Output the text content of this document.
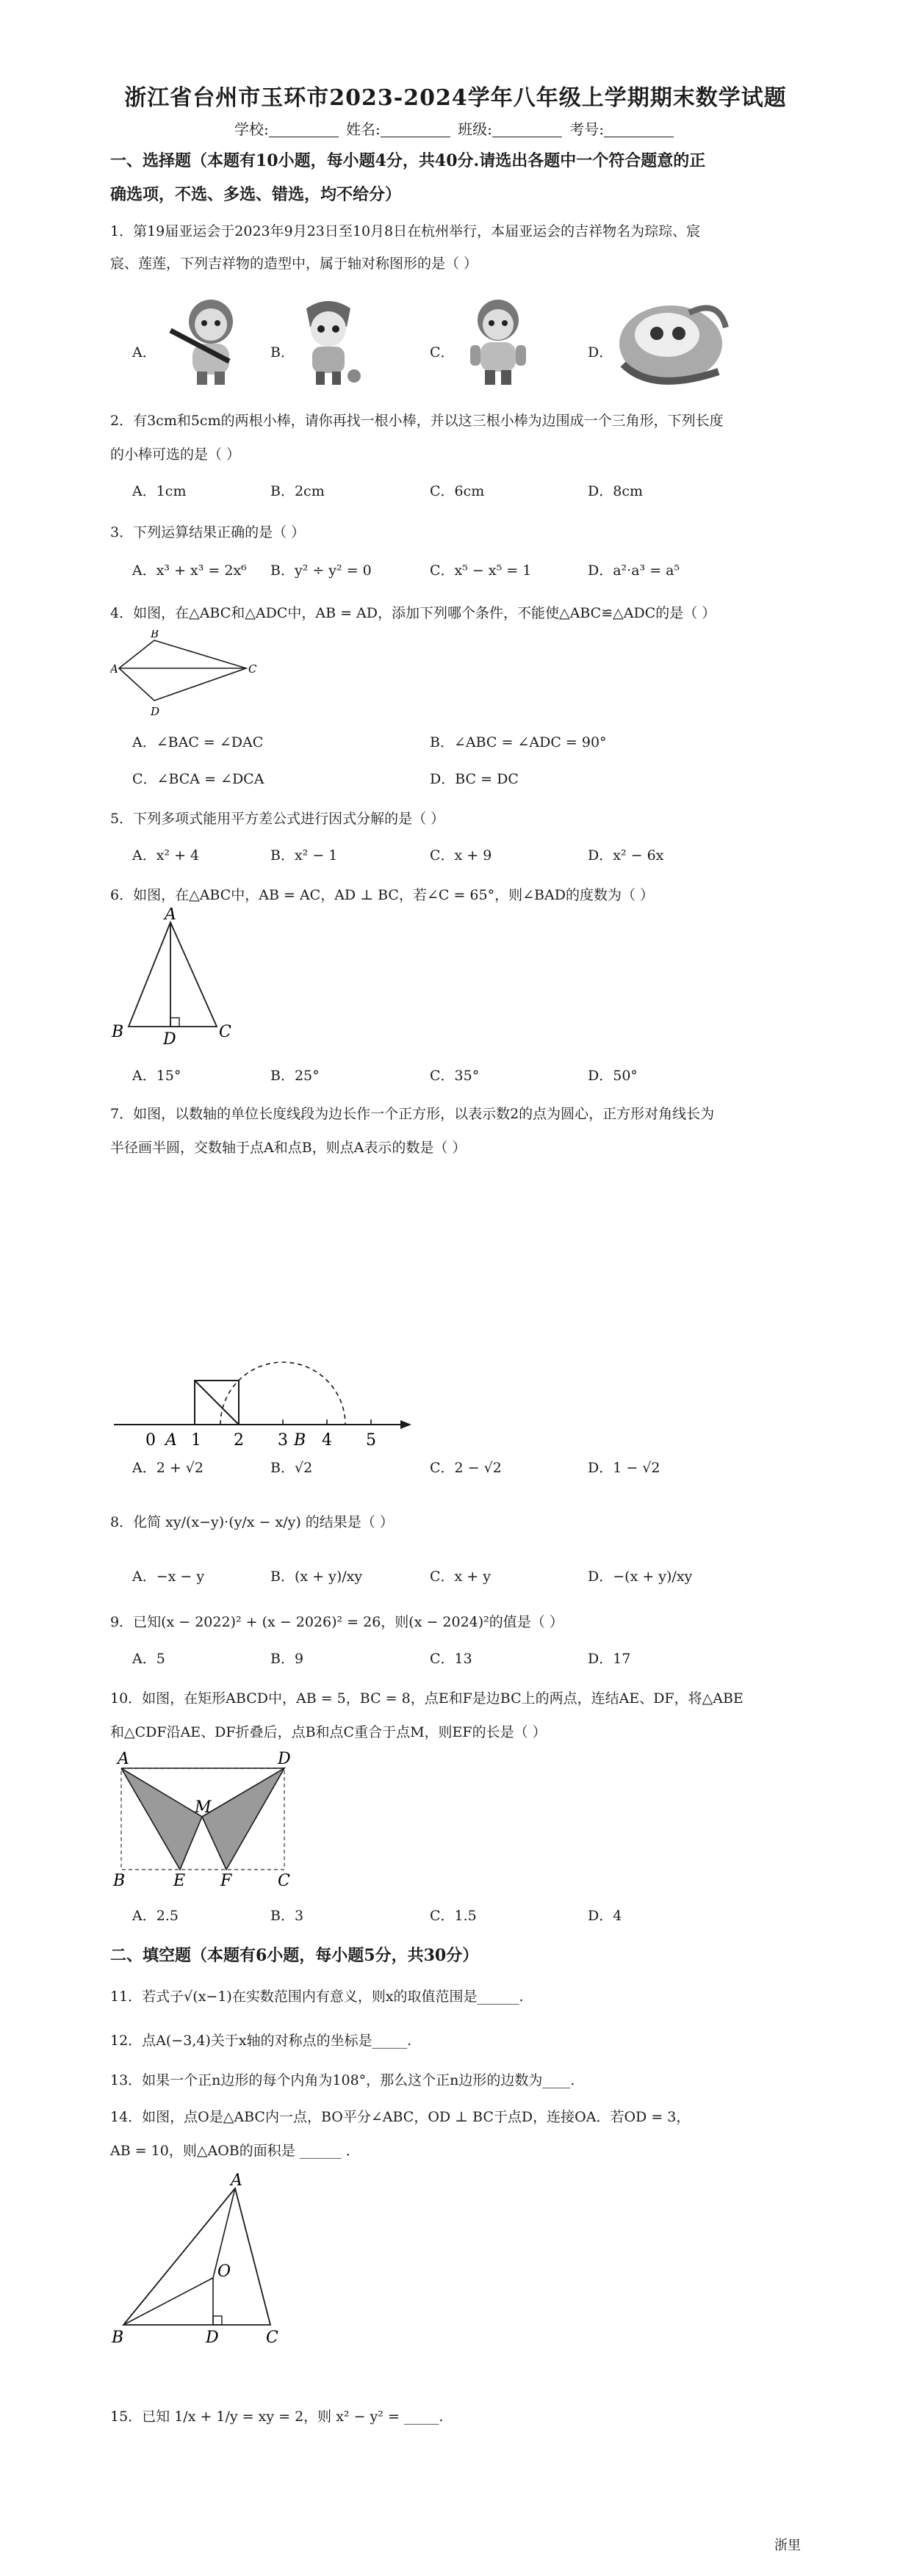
浙江省台州市玉环市2023-2024学年八年级上学期期末数学试题
学校:	姓名:	班级:	考号:
一、选择题（本题有10小题，每小题4分，共40分.请选出各题中一个符合题意的正
确选项，不选、多选、错选，均不给分）
1．第19届亚运会于2023年9月23日至10月8日在杭州举行，本届亚运会的吉祥物名为琮琮、宸
宸、莲莲，下列吉祥物的造型中，属于轴对称图形的是（ ）
A．	B．	C．	D．
2．有3cm和5cm的两根小棒，请你再找一根小棒，并以这三根小棒为边围成一个三角形，下列长度
的小棒可选的是（ ）
A．1cm	B．2cm	C．6cm	D．8cm
3．下列运算结果正确的是（ ）
A．x³ + x³ = 2x⁶ B．y² ÷ y² = 0	C．x⁵ − x⁵ = 1	D．a²·a³ = a⁵
4．如图，在△ABC和△ADC中，AB = AD，添加下列哪个条件，不能使△ABC≌△ADC的是（ ）
A
B
C
D
A．∠BAC = ∠DAC	B．∠ABC = ∠ADC = 90°
C．∠BCA = ∠DCA	D．BC = DC
5．下列多项式能用平方差公式进行因式分解的是（ ）
A．x² + 4	B．x² − 1	C．x + 9	D．x² − 6x
6．如图，在△ABC中，AB = AC，AD ⊥ BC，若∠C = 65°，则∠BAD的度数为（ ）
A
B	C
D
A．15°	B．25°	C．35°	D．50°
7．如图，以数轴的单位长度线段为边长作一个正方形，以表示数2的点为圆心，正方形对角线长为
半径画半圆，交数轴于点A和点B，则点A表示的数是（ ）
0 A 1 2 3 B 4 5
A．2 + √2	B．√2	C．2 − √2	D．1 − √2
8．化简 xy/(x−y)·(y/x − x/y) 的结果是（ ）
A．−x − y	B．(x + y)/xy	C．x + y	D．−(x + y)/xy
9．已知(x − 2022)² + (x − 2026)² = 26，则(x − 2024)²的值是（ ）
A．5	B．9	C．13	D．17
10．如图，在矩形ABCD中，AB = 5，BC = 8，点E和F是边BC上的两点，连结AE、DF，将△ABE
和△CDF沿AE、DF折叠后，点B和点C重合于点M，则EF的长是（ ）
A	D
M
B	E F	C
A．2.5	B．3	C．1.5	D．4
二、填空题（本题有6小题，每小题5分，共30分）
11．若式子√(x−1)在实数范围内有意义，则x的取值范围是______.
12．点A(−3,4)关于x轴的对称点的坐标是_____.
13．如果一个正n边形的每个内角为108°，那么这个正n边形的边数为____.
14．如图，点O是△ABC内一点，BO平分∠ABC，OD ⊥ BC于点D，连接OA．若OD = 3，
AB = 10，则△AOB的面积是 ______ ．
A
O
B	D	C
15．已知 1/x + 1/y = xy = 2，则 x² − y² = _____.
浙里
